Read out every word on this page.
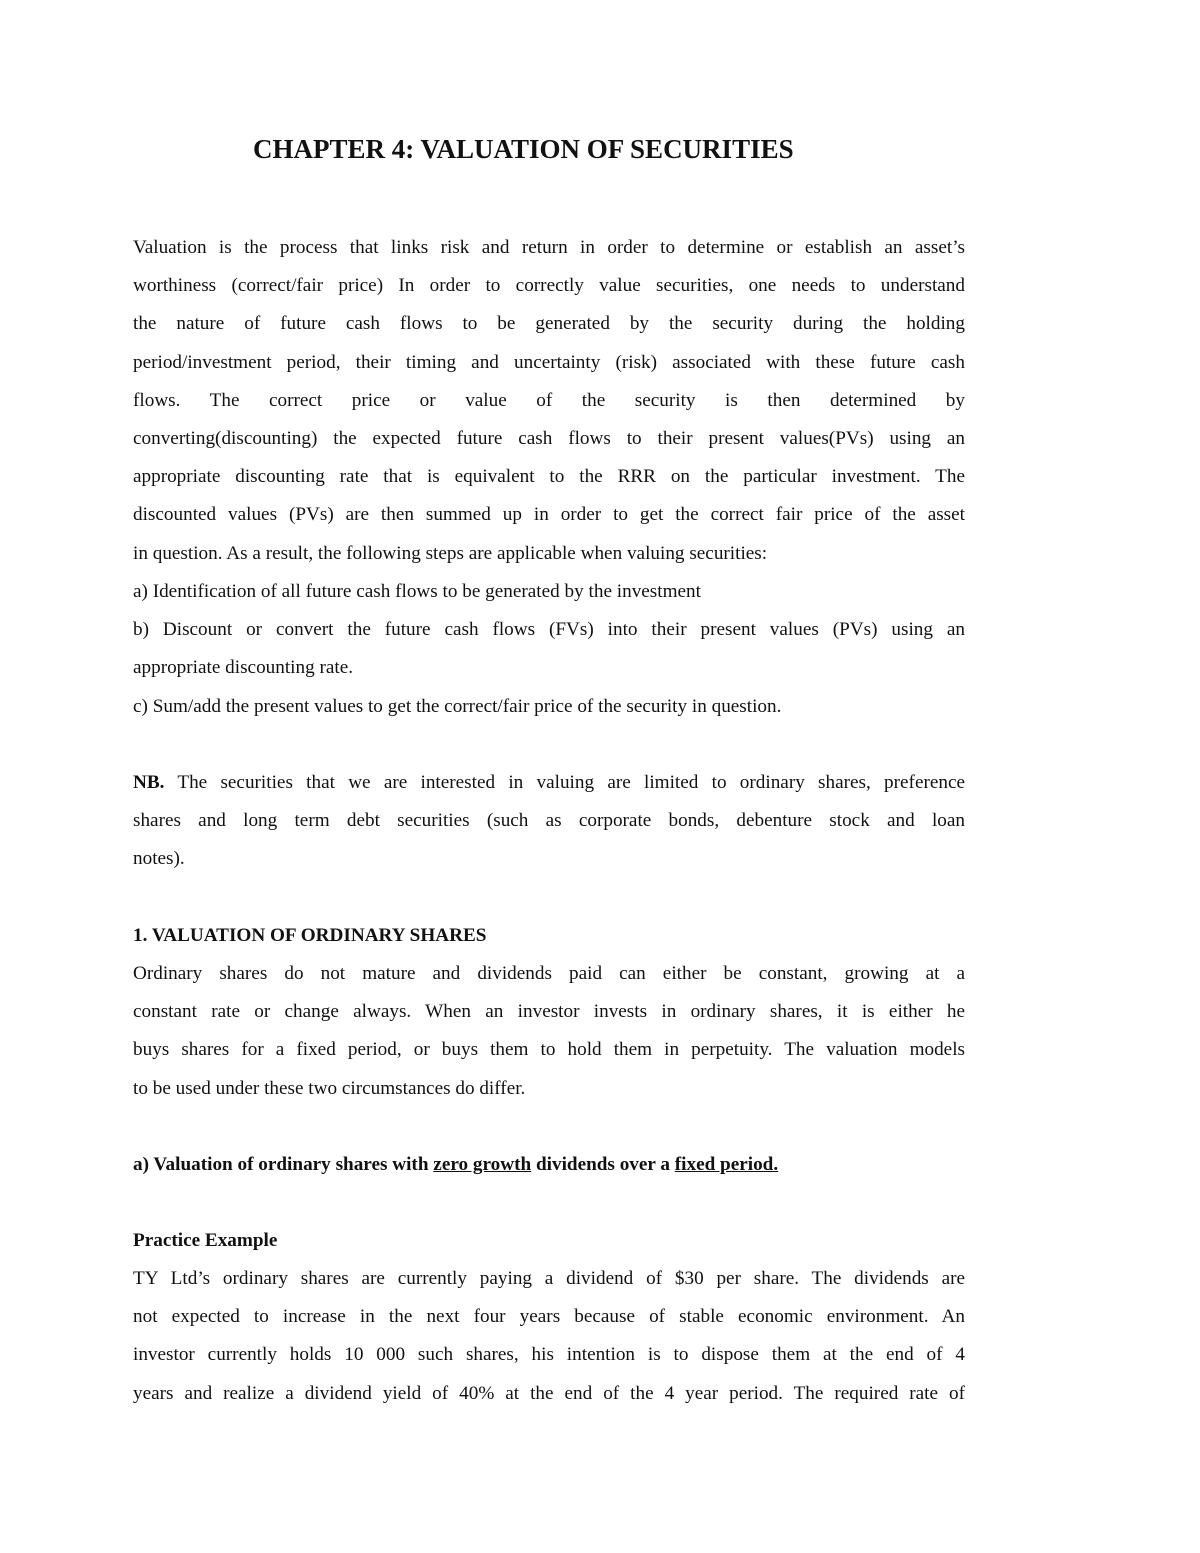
CHAPTER 4: VALUATION OF SECURITIES
Valuation is the process that links risk and return in order to determine or establish an asset’s
worthiness (correct/fair price) In order to correctly value securities, one needs to understand
the nature of future cash flows to be generated by the security during the holding
period/investment period, their timing and uncertainty (risk) associated with these future cash
flows. The correct price or value of the security is then determined by
converting(discounting) the expected future cash flows to their present values(PVs) using an
appropriate discounting rate that is equivalent to the RRR on the particular investment. The
discounted values (PVs) are then summed up in order to get the correct fair price of the asset
in question. As a result, the following steps are applicable when valuing securities:
a) Identification of all future cash flows to be generated by the investment
b) Discount or convert the future cash flows (FVs) into their present values (PVs) using an
appropriate discounting rate.
c) Sum/add the present values to get the correct/fair price of the security in question.
NB. The securities that we are interested in valuing are limited to ordinary shares, preference
shares and long term debt securities (such as corporate bonds, debenture stock and loan
notes).
1. VALUATION OF ORDINARY SHARES
Ordinary shares do not mature and dividends paid can either be constant, growing at a
constant rate or change always. When an investor invests in ordinary shares, it is either he
buys shares for a fixed period, or buys them to hold them in perpetuity. The valuation models
to be used under these two circumstances do differ.
a) Valuation of ordinary shares with zero growth dividends over a fixed period.
Practice Example
TY Ltd’s ordinary shares are currently paying a dividend of $30 per share. The dividends are
not expected to increase in the next four years because of stable economic environment. An
investor currently holds 10 000 such shares, his intention is to dispose them at the end of 4
years and realize a dividend yield of 40% at the end of the 4 year period. The required rate of
